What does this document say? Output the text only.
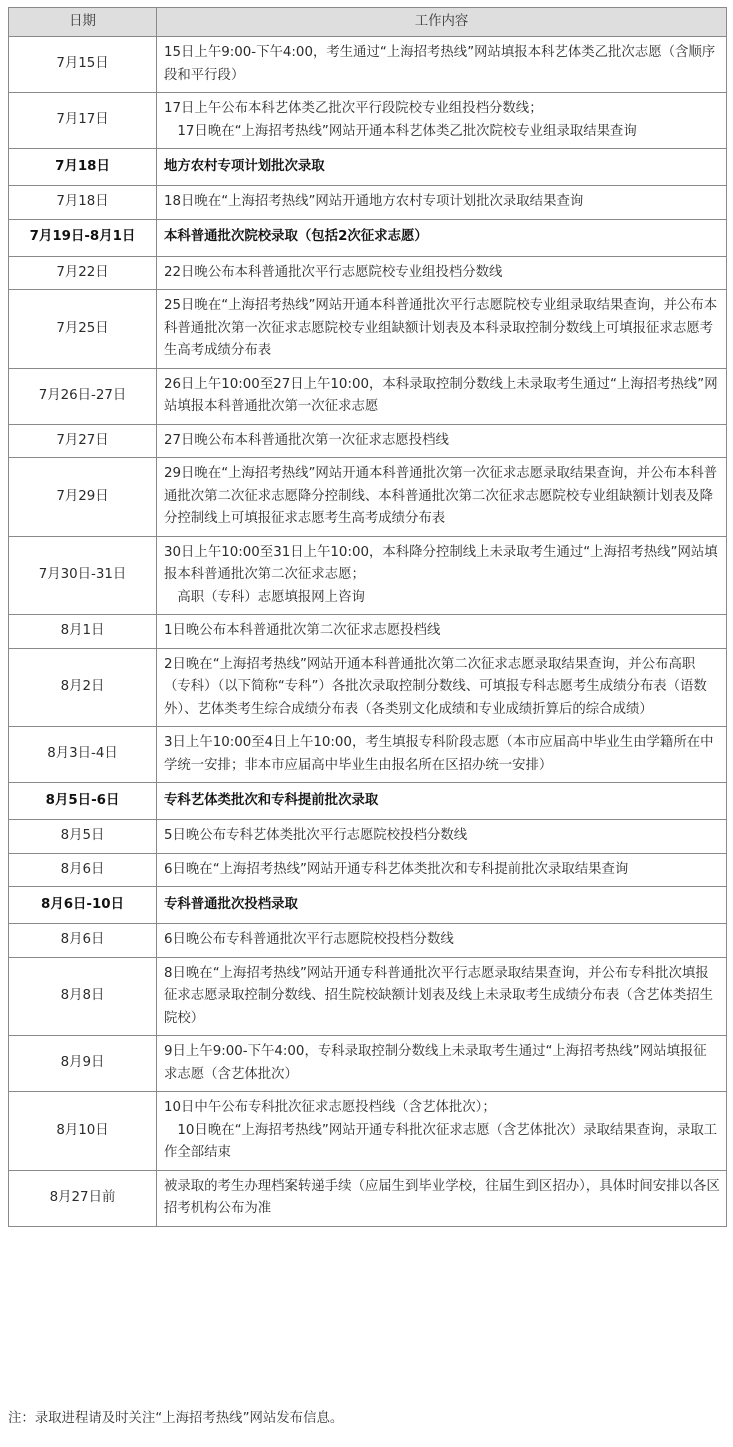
日期	工作内容
7月15日	15日上午9:00-下午4:00，考生通过“上海招考热线”网站填报本科艺体类乙批次志愿（含顺序段和平行段）

7月17日	17日上午公布本科艺体类乙批次平行段院校专业组投档分数线；
　17日晚在“上海招考热线”网站开通本科艺体类乙批次院校专业组录取结果查询

7月18日	地方农村专项计划批次录取

7月18日	18日晚在“上海招考热线”网站开通地方农村专项计划批次录取结果查询

7月19日-8月1日	本科普通批次院校录取（包括2次征求志愿）

7月22日	22日晚公布本科普通批次平行志愿院校专业组投档分数线

7月25日	25日晚在“上海招考热线”网站开通本科普通批次平行志愿院校专业组录取结果查询，并公布本科普通批次第一次征求志愿院校专业组缺额计划表及本科录取控制分数线上可填报征求志愿考生高考成绩分布表

7月26日-27日	26日上午10:00至27日上午10:00，本科录取控制分数线上未录取考生通过“上海招考热线”网站填报本科普通批次第一次征求志愿

7月27日	27日晚公布本科普通批次第一次征求志愿投档线

7月29日	29日晚在“上海招考热线”网站开通本科普通批次第一次征求志愿录取结果查询，并公布本科普通批次第二次征求志愿降分控制线、本科普通批次第二次征求志愿院校专业组缺额计划表及降分控制线上可填报征求志愿考生高考成绩分布表

7月30日-31日	30日上午10:00至31日上午10:00，本科降分控制线上未录取考生通过“上海招考热线”网站填报本科普通批次第二次征求志愿；
　高职（专科）志愿填报网上咨询

8月1日	1日晚公布本科普通批次第二次征求志愿投档线

8月2日	2日晚在“上海招考热线”网站开通本科普通批次第二次征求志愿录取结果查询，并公布高职（专科）（以下简称“专科”）各批次录取控制分数线、可填报专科志愿考生成绩分布表（语数外）、艺体类考生综合成绩分布表（各类别文化成绩和专业成绩折算后的综合成绩）

8月3日-4日	3日上午10:00至4日上午10:00，考生填报专科阶段志愿（本市应届高中毕业生由学籍所在中学统一安排；非本市应届高中毕业生由报名所在区招办统一安排）

8月5日-6日	专科艺体类批次和专科提前批次录取

8月5日	5日晚公布专科艺体类批次平行志愿院校投档分数线

8月6日	6日晚在“上海招考热线”网站开通专科艺体类批次和专科提前批次录取结果查询

8月6日-10日	专科普通批次投档录取

8月6日	6日晚公布专科普通批次平行志愿院校投档分数线

8月8日	8日晚在“上海招考热线”网站开通专科普通批次平行志愿录取结果查询，并公布专科批次填报征求志愿录取控制分数线、招生院校缺额计划表及线上未录取考生成绩分布表（含艺体类招生院校）

8月9日	9日上午9:00-下午4:00，专科录取控制分数线上未录取考生通过“上海招考热线”网站填报征求志愿（含艺体批次）

8月10日	10日中午公布专科批次征求志愿投档线（含艺体批次）；
　10日晚在“上海招考热线”网站开通专科批次征求志愿（含艺体批次）录取结果查询，录取工作全部结束

8月27日前	被录取的考生办理档案转递手续（应届生到毕业学校，往届生到区招办），具体时间安排以各区招考机构公布为准

注：录取进程请及时关注“上海招考热线”网站发布信息。
